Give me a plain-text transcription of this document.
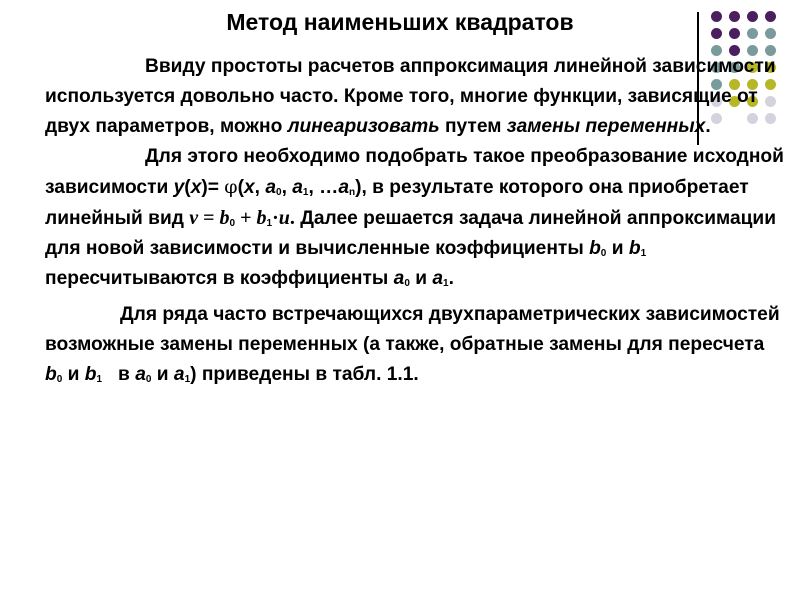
Метод наименьших квадратов

Ввиду простоты расчетов аппроксимация линейной зависимости используется довольно часто. Кроме того, многие функции, зависящие от двух параметров, можно линеаризовать путем замены переменных.

Для этого необходимо подобрать такое преобразование исходной зависимости y(x)= φ(x, $a_0$, $a_1$, $\dots a_n$), в результате которого она приобретает линейный вид $v = b_0 + b_1\cdot u$. Далее решается задача линейной аппроксимации для новой зависимости и вычисленные коэффициенты $b_0$ и $b_1$ пересчитываются в коэффициенты $a_0$ и $a_1$.

Для ряда часто встречающихся двухпараметрических зависимостей возможные замены переменных (а также, обратные замены для пересчета $b_0$ и $b_1$   в $a_0$ и $a_1$) приведены в табл. 1.1.
